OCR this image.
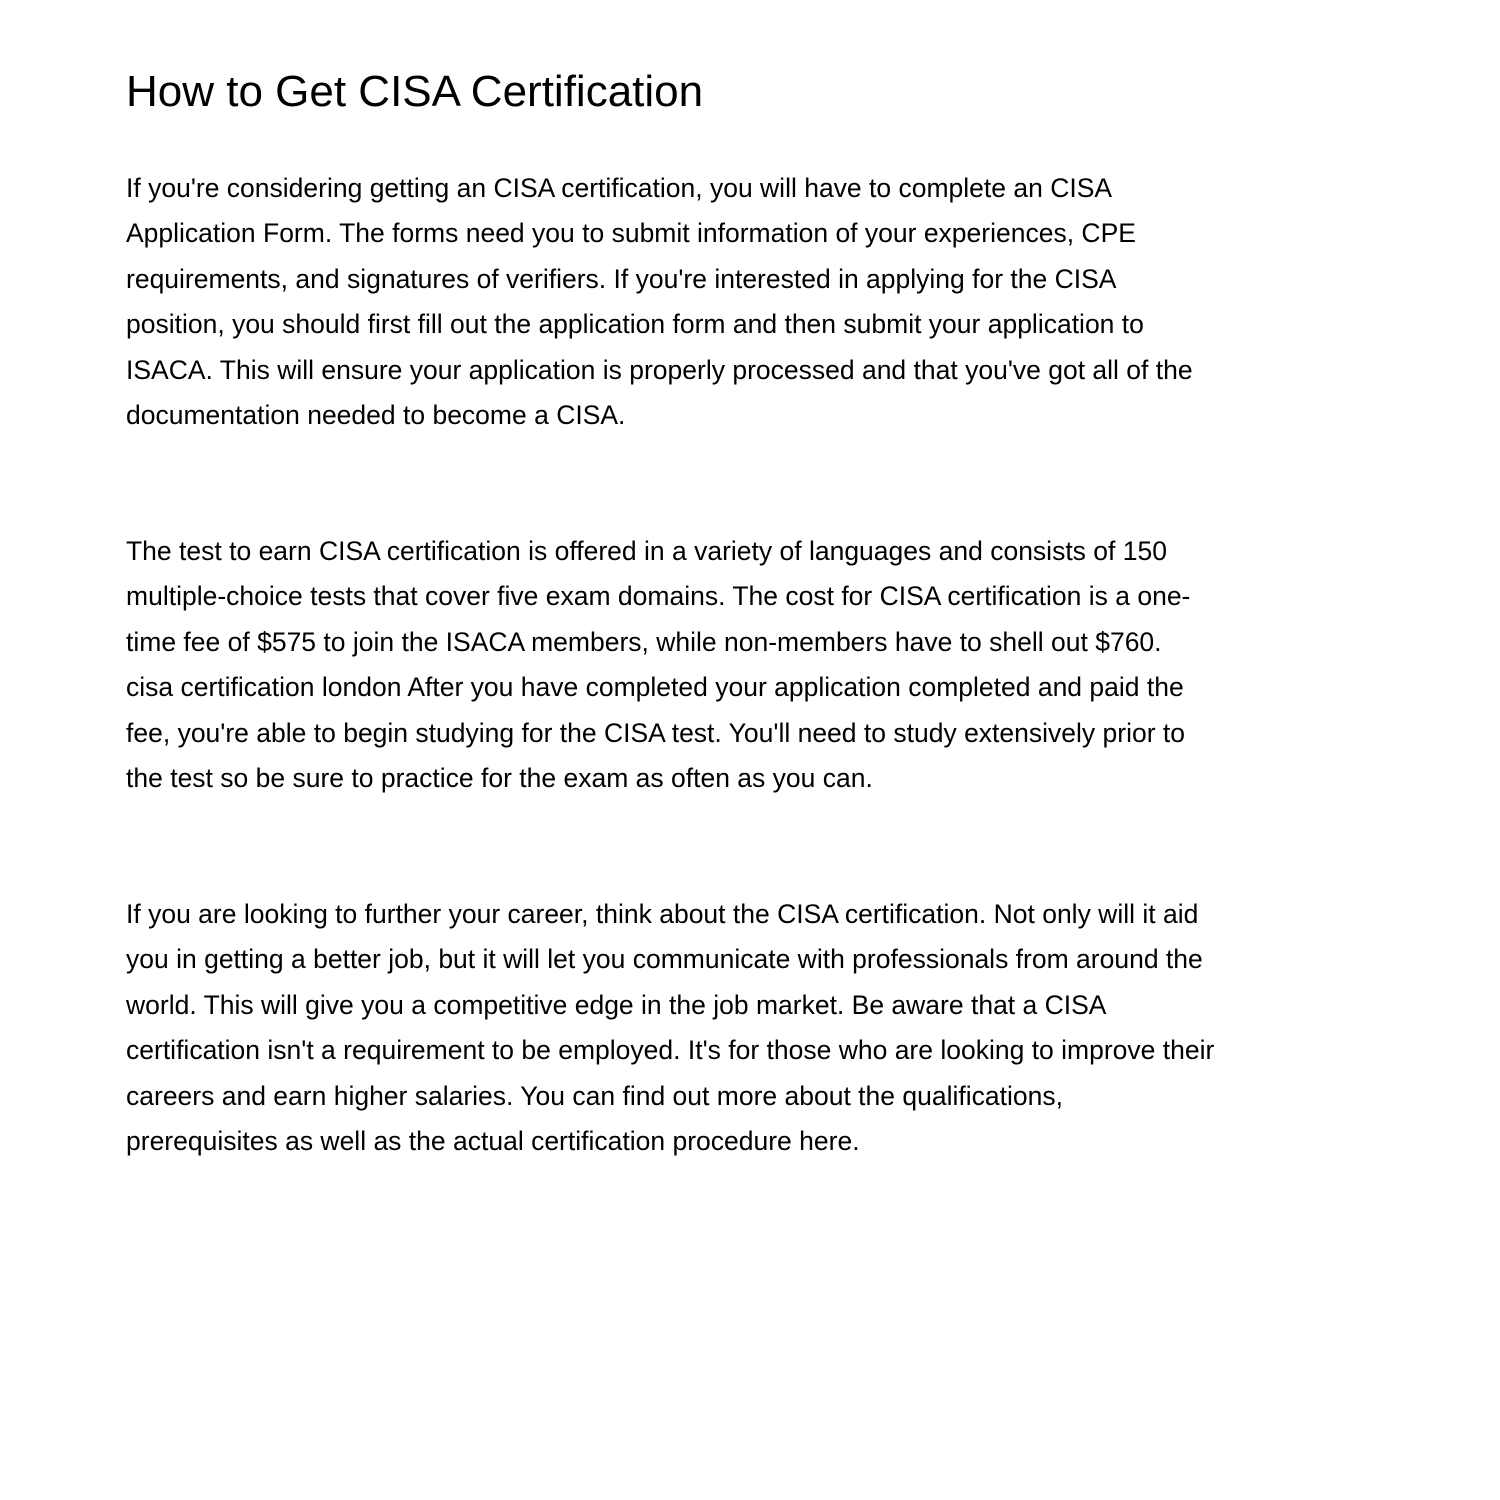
How to Get CISA Certification

If you're considering getting an CISA certification, you will have to complete an CISA
Application Form. The forms need you to submit information of your experiences, CPE
requirements, and signatures of verifiers. If you're interested in applying for the CISA
position, you should first fill out the application form and then submit your application to
ISACA. This will ensure your application is properly processed and that you've got all of the
documentation needed to become a CISA.

The test to earn CISA certification is offered in a variety of languages and consists of 150
multiple-choice tests that cover five exam domains. The cost for CISA certification is a one-
time fee of $575 to join the ISACA members, while non-members have to shell out $760.
cisa certification london After you have completed your application completed and paid the
fee, you're able to begin studying for the CISA test. You'll need to study extensively prior to
the test so be sure to practice for the exam as often as you can.

If you are looking to further your career, think about the CISA certification. Not only will it aid
you in getting a better job, but it will let you communicate with professionals from around the
world. This will give you a competitive edge in the job market. Be aware that a CISA
certification isn't a requirement to be employed. It's for those who are looking to improve their
careers and earn higher salaries. You can find out more about the qualifications,
prerequisites as well as the actual certification procedure here.
